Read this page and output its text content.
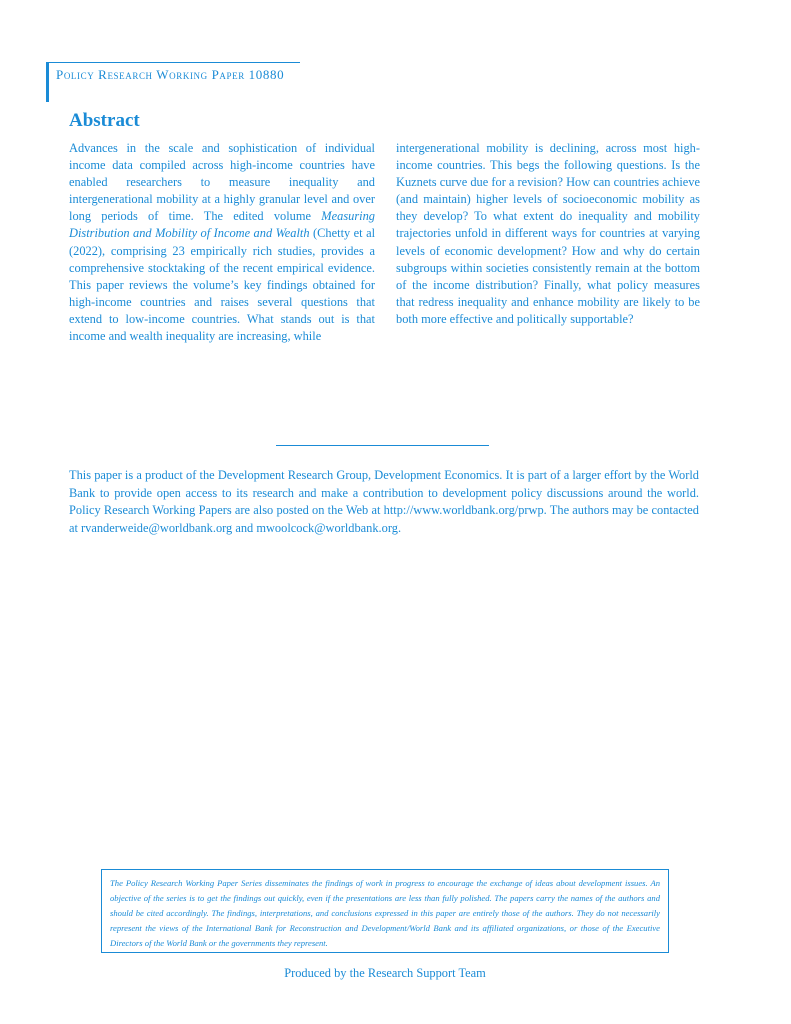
Policy Research Working Paper 10880
Abstract

Advances in the scale and sophistication of individual income data compiled across high-income countries have enabled researchers to measure inequality and intergenerational mobility at a highly granular level and over long periods of time. The edited volume Measuring Distribution and Mobility of Income and Wealth (Chetty et al (2022), comprising 23 empirically rich studies, provides a comprehensive stocktaking of the recent empirical evidence. This paper reviews the volume’s key findings obtained for high-income countries and raises several questions that extend to low-income countries. What stands out is that income and wealth inequality are increasing, while

intergenerational mobility is declining, across most high-income countries. This begs the following questions. Is the Kuznets curve due for a revision? How can countries achieve (and maintain) higher levels of socioeconomic mobility as they develop? To what extent do inequality and mobility trajectories unfold in different ways for countries at varying levels of economic development? How and why do certain subgroups within societies consistently remain at the bottom of the income distribution? Finally, what policy measures that redress inequality and enhance mobility are likely to be both more effective and politically supportable?

This paper is a product of the Development Research Group, Development Economics. It is part of a larger effort by the World Bank to provide open access to its research and make a contribution to development policy discussions around the world. Policy Research Working Papers are also posted on the Web at http://www.worldbank.org/prwp. The authors may be contacted at rvanderweide@worldbank.org and mwoolcock@worldbank.org.

The Policy Research Working Paper Series disseminates the findings of work in progress to encourage the exchange of ideas about development issues. An objective of the series is to get the findings out quickly, even if the presentations are less than fully polished. The papers carry the names of the authors and should be cited accordingly. The findings, interpretations, and conclusions expressed in this paper are entirely those of the authors. They do not necessarily represent the views of the International Bank for Reconstruction and Development/World Bank and its affiliated organizations, or those of the Executive Directors of the World Bank or the governments they represent.

Produced by the Research Support Team
